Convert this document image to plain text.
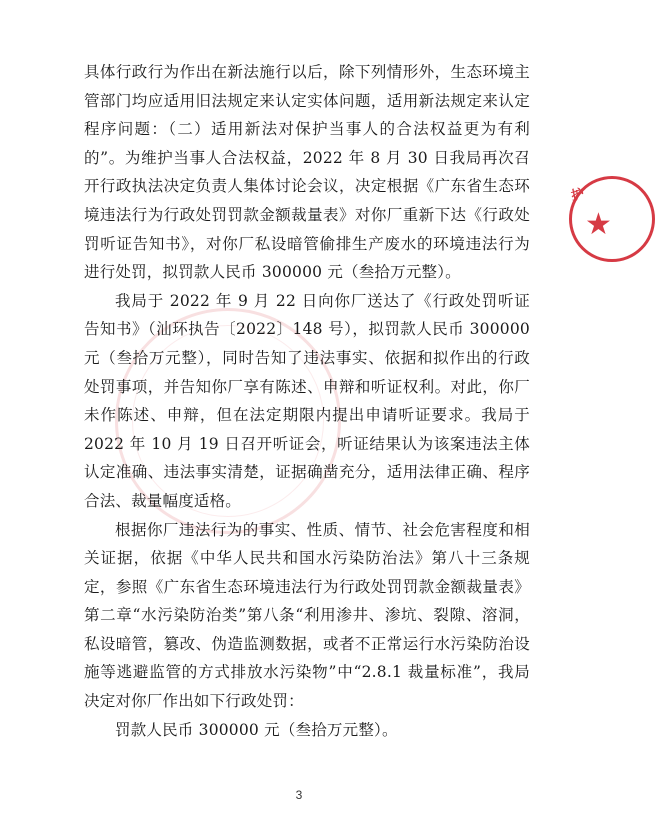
具体行政行为作出在新法施行以后，除下列情形外，生态环境主管部门均应适用旧法规定来认定实体问题，适用新法规定来认定程序问题：（二）适用新法对保护当事人的合法权益更为有利的”。为维护当事人合法权益，2022 年 8 月 30 日我局再次召开行政执法决定负责人集体讨论会议，决定根据《广东省生态环境违法行为行政处罚罚款金额裁量表》对你厂重新下达《行政处罚听证告知书》，对你厂私设暗管偷排生产废水的环境违法行为进行处罚，拟罚款人民币 300000 元（叁拾万元整）。

我局于 2022 年 9 月 22 日向你厂送达了《行政处罚听证告知书》（汕环执告〔2022〕148 号），拟罚款人民币 300000 元（叁拾万元整），同时告知了违法事实、依据和拟作出的行政处罚事项，并告知你厂享有陈述、申辩和听证权利。对此，你厂未作陈述、申辩，但在法定期限内提出申请听证要求。我局于 2022 年 10 月 19 日召开听证会，听证结果认为该案违法主体认定准确、违法事实清楚，证据确凿充分，适用法律正确、程序合法、裁量幅度适格。

根据你厂违法行为的事实、性质、情节、社会危害程度和相关证据，依据《中华人民共和国水污染防治法》第八十三条规定，参照《广东省生态环境违法行为行政处罚罚款金额裁量表》第二章“水污染防治类”第八条“利用渗井、渗坑、裂隙、溶洞，私设暗管，篡改、伪造监测数据，或者不正常运行水污染防治设施等逃避监管的方式排放水污染物”中“2.8.1 裁量标准”，我局决定对你厂作出如下行政处罚：

罚款人民币 300000 元（叁拾万元整）。

护
★
3
